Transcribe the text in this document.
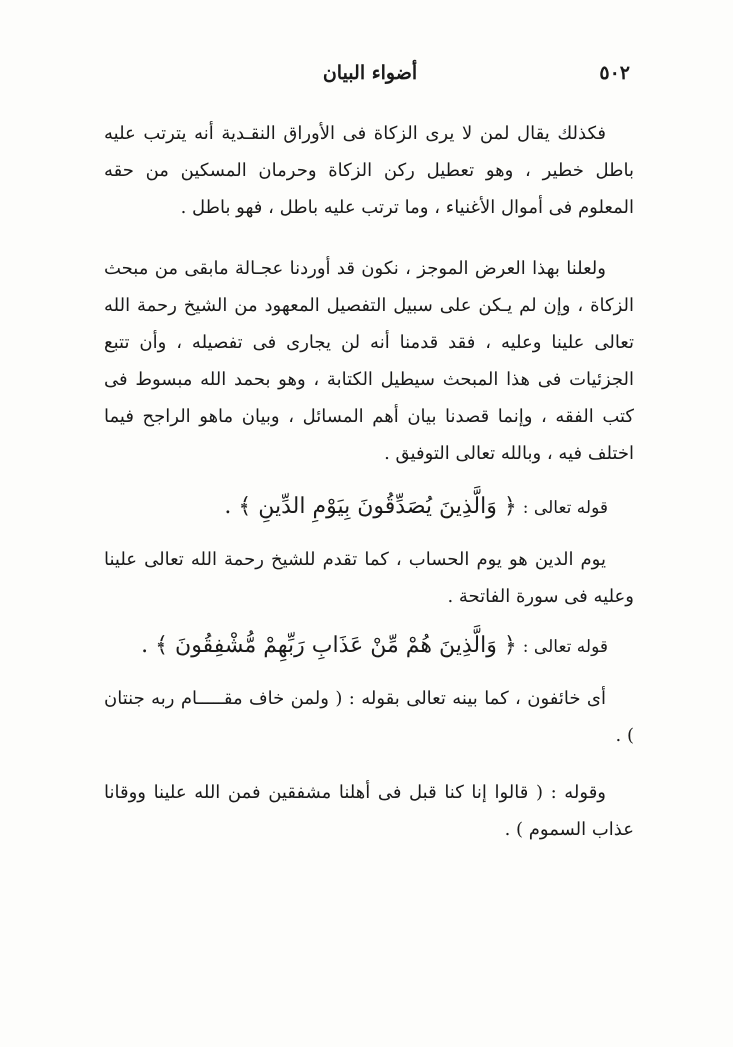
٥٠٢
أضواء البيان

فكذلك يقال لمن لا يرى الزكاة فى الأوراق النقـدية أنه يترتب عليه باطل خطير ، وهو تعطيل ركن الزكاة وحرمان المسكين من حقه المعلوم فى أموال الأغنياء ، وما ترتب عليه باطل ، فهو باطل .

ولعلنا بهذا العرض الموجز ، نكون قد أوردنا عجـالة مابقى من مبحث الزكاة ، وإن لم يـكن على سبيل التفصيل المعهود من الشيخ رحمة الله تعالى علينا وعليه ، فقد قدمنا أنه لن يجارى فى تفصيله ، وأن تتبع الجزئيات فى هذا المبحث سيطيل الكتابة ، وهو بحمد الله مبسوط فى كتب الفقه ، وإنما قصدنا بيان أهم المسائل ، وبيان ماهو الراجح فيما اختلف فيه ، وبالله تعالى التوفيق .

قوله تعالى : ﴿ وَالَّذِينَ يُصَدِّقُونَ بِيَوْمِ الدِّينِ ﴾ .

يوم الدين هو يوم الحساب ، كما تقدم للشيخ رحمة الله تعالى علينا وعليه فى سورة الفاتحة .

قوله تعالى : ﴿ وَالَّذِينَ هُمْ مِّنْ عَذَابِ رَبِّهِمْ مُّشْفِقُونَ ﴾ .

أى خائفون ، كما بينه تعالى بقوله : ( ولمن خاف مقـــــام ربه جنتان ) .

وقوله : ( قالوا إنا كنا قبل فى أهلنا مشفقين فمن الله علينا ووقانا عذاب السموم ) .
